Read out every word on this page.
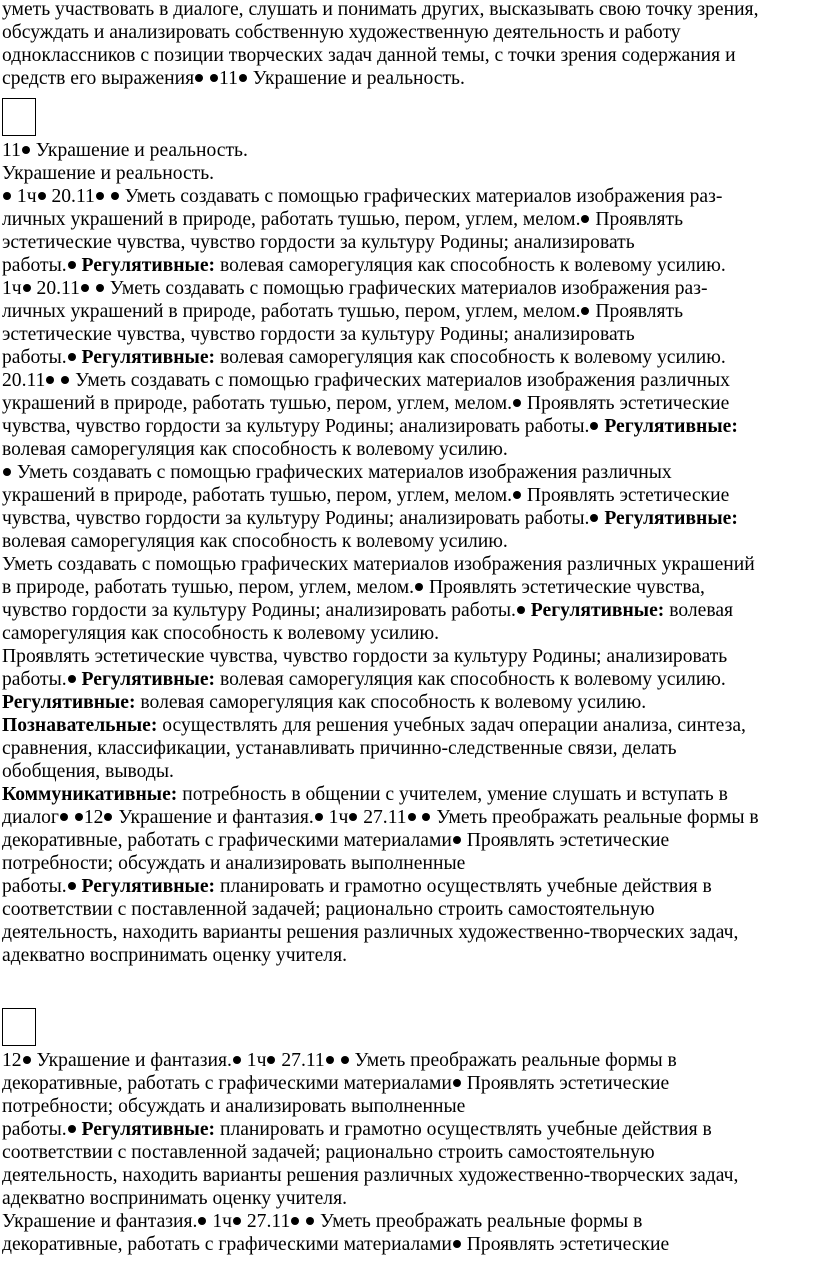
уметь участвовать в диалоге, слушать и понимать других, высказывать свою точку зрения,
обсуждать и анализировать собственную художественную деятельность и работу
одноклассников с позиции творческих задач данной темы, с точки зрения содержания и
средств его выражения 11 Украшение и реальность.
11 Украшение и реальность.
Украшение и реальность.
1ч 20.11  Уметь создавать с помощью графических материалов изображения раз-
личных украшений в природе, работать тушью, пером, углем, мелом. Проявлять
эстетические чувства, чувство гордости за культуру Родины; анализировать
работы. Регулятивные: волевая саморегуляция как способность к волевому усилию.
1ч 20.11  Уметь создавать с помощью графических материалов изображения раз-
личных украшений в природе, работать тушью, пером, углем, мелом. Проявлять
эстетические чувства, чувство гордости за культуру Родины; анализировать
работы. Регулятивные: волевая саморегуляция как способность к волевому усилию.
20.11  Уметь создавать с помощью графических материалов изображения различных
украшений в природе, работать тушью, пером, углем, мелом. Проявлять эстетические
чувства, чувство гордости за культуру Родины; анализировать работы. Регулятивные:
волевая саморегуляция как способность к волевому усилию.
Уметь создавать с помощью графических материалов изображения различных
украшений в природе, работать тушью, пером, углем, мелом. Проявлять эстетические
чувства, чувство гордости за культуру Родины; анализировать работы. Регулятивные:
волевая саморегуляция как способность к волевому усилию.
Уметь создавать с помощью графических материалов изображения различных украшений
в природе, работать тушью, пером, углем, мелом. Проявлять эстетические чувства,
чувство гордости за культуру Родины; анализировать работы. Регулятивные: волевая
саморегуляция как способность к волевому усилию.
Проявлять эстетические чувства, чувство гордости за культуру Родины; анализировать
работы. Регулятивные: волевая саморегуляция как способность к волевому усилию.
Регулятивные: волевая саморегуляция как способность к волевому усилию.
Познавательные: осуществлять для решения учебных задач операции анализа, синтеза,
сравнения, классификации, устанавливать причинно-следственные связи, делать
обобщения, выводы.
Коммуникативные: потребность в общении с учителем, умение слушать и вступать в
диалог 12 Украшение и фантазия. 1ч 27.11  Уметь преображать реальные формы в
декоративные, работать с графическими материалами Проявлять эстетические
потребности; обсуждать и анализировать выполненные
работы. Регулятивные: планировать и грамотно осуществлять учебные действия в
соответствии с поставленной задачей; рационально строить самостоятельную
деятельность, находить варианты решения различных художественно-творческих задач,
адекватно воспринимать оценку учителя.
12 Украшение и фантазия. 1ч 27.11  Уметь преображать реальные формы в
декоративные, работать с графическими материалами Проявлять эстетические
потребности; обсуждать и анализировать выполненные
работы. Регулятивные: планировать и грамотно осуществлять учебные действия в
соответствии с поставленной задачей; рационально строить самостоятельную
деятельность, находить варианты решения различных художественно-творческих задач,
адекватно воспринимать оценку учителя.
Украшение и фантазия. 1ч 27.11  Уметь преображать реальные формы в
декоративные, работать с графическими материалами Проявлять эстетические
